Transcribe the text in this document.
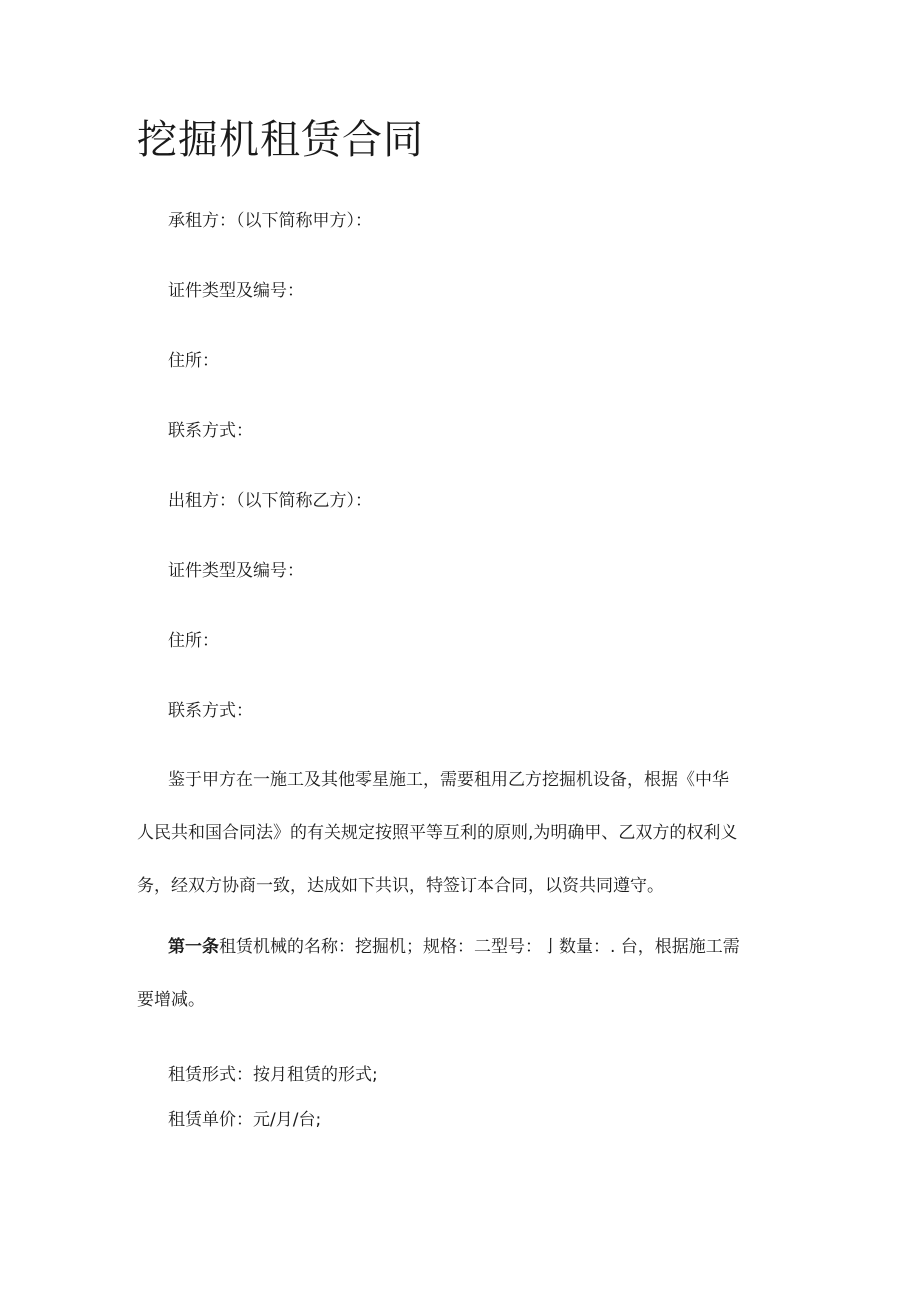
挖掘机租赁合同

承租方：（以下简称甲方）：

证件类型及编号：

住所：

联系方式：

出租方：（以下简称乙方）：

证件类型及编号：

住所：

联系方式：

鉴于甲方在一施工及其他零星施工，需要租用乙方挖掘机设备，根据《中华
人民共和国合同法》的有关规定按照平等互利的原则,为明确甲、乙双方的权利义
务，经双方协商一致，达成如下共识，特签订本合同，以资共同遵守。
第一条租赁机械的名称：挖掘机；规格：二型号：亅数量：. 台，根据施工需
要增减。

租赁形式：按月租赁的形式;

租赁单价：元/月/台;
